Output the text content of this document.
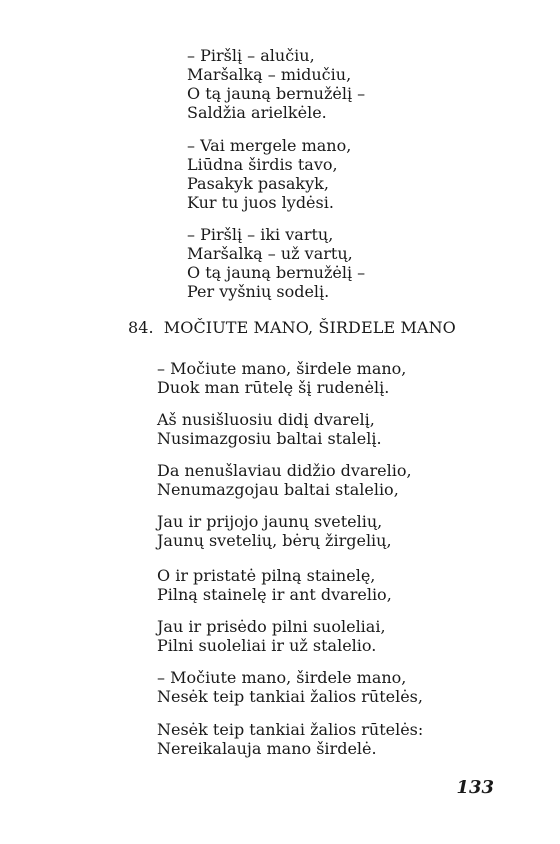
– Piršlį – alučiu,
Maršalką – midučiu,
O tą jauną bernužėlį –
Saldžia arielkėle.
– Vai mergele mano,
Liūdna širdis tavo,
Pasakyk pasakyk,
Kur tu juos lydėsi.
– Piršlį – iki vartų,
Maršalką – už vartų,
O tą jauną bernužėlį –
Per vyšnių sodelį.
84. MOČIUTE MANO, ŠIRDELE MANO
– Močiute mano, širdele mano,
Duok man rūtelę šį rudenėlį.
Aš nusišluosiu didį dvarelį,
Nusimazgosiu baltai stalelį.
Da nenušlaviau didžio dvarelio,
Nenumazgojau baltai stalelio,
Jau ir prijojo jaunų svetelių,
Jaunų svetelių, bėrų žirgelių,
O ir pristatė pilną stainelę,
Pilną stainelę ir ant dvarelio,
Jau ir prisėdo pilni suoleliai,
Pilni suoleliai ir už stalelio.
– Močiute mano, širdele mano,
Nesėk teip tankiai žalios rūtelės,
Nesėk teip tankiai žalios rūtelės:
Nereikalauja mano širdelė.
133
